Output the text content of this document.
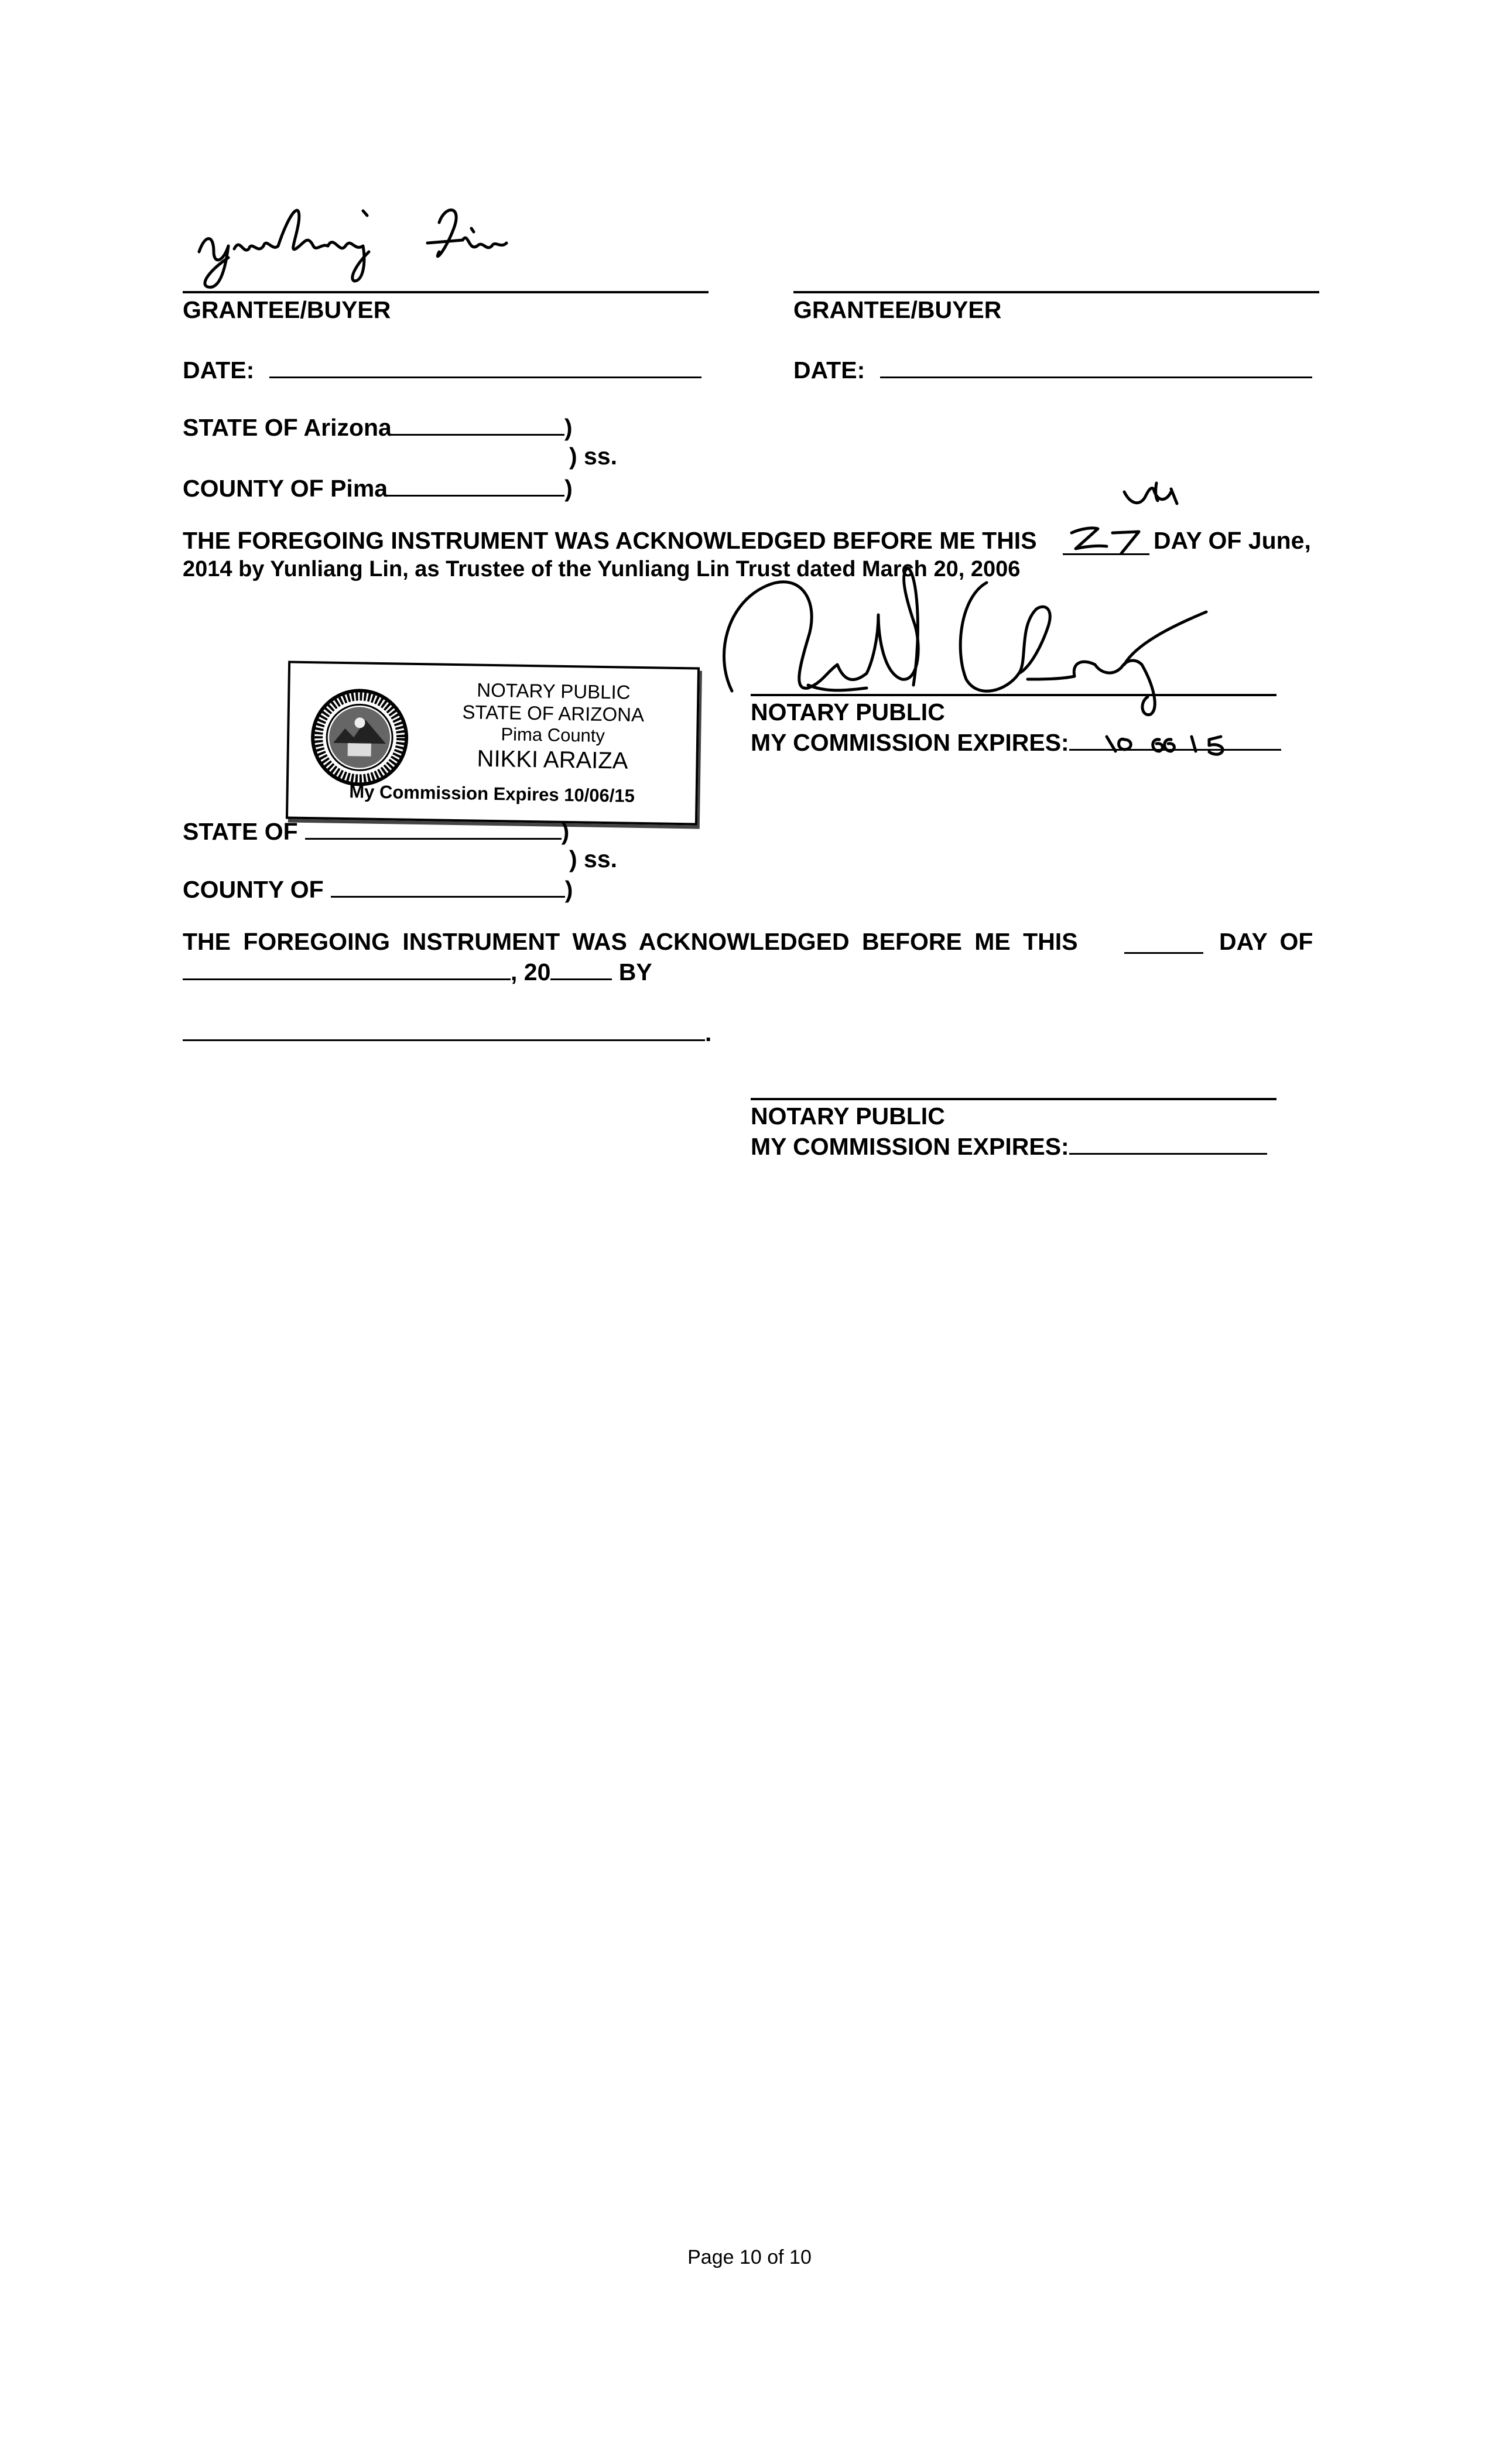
GRANTEE/BUYER	GRANTEE/BUYER
DATE:	DATE:
STATE OF Arizona	)
) ss.
COUNTY OF Pima	)
THE FOREGOING INSTRUMENT WAS ACKNOWLEDGED BEFORE ME THIS	DAY OF June,
2014 by Yunliang Lin, as Trustee of the Yunliang Lin Trust dated March 20, 2006
NOTARY PUBLIC
MY COMMISSION EXPIRES:
NOTARY PUBLIC
STATE OF ARIZONA
Pima County
NIKKI ARAIZA
My Commission Expires 10/06/15
STATE OF	)
) ss.
COUNTY OF	)
THE FOREGOING INSTRUMENT WAS ACKNOWLEDGED BEFORE ME THIS	DAY OF
, 20	BY
.
NOTARY PUBLIC
MY COMMISSION EXPIRES:
Page 10 of 10
